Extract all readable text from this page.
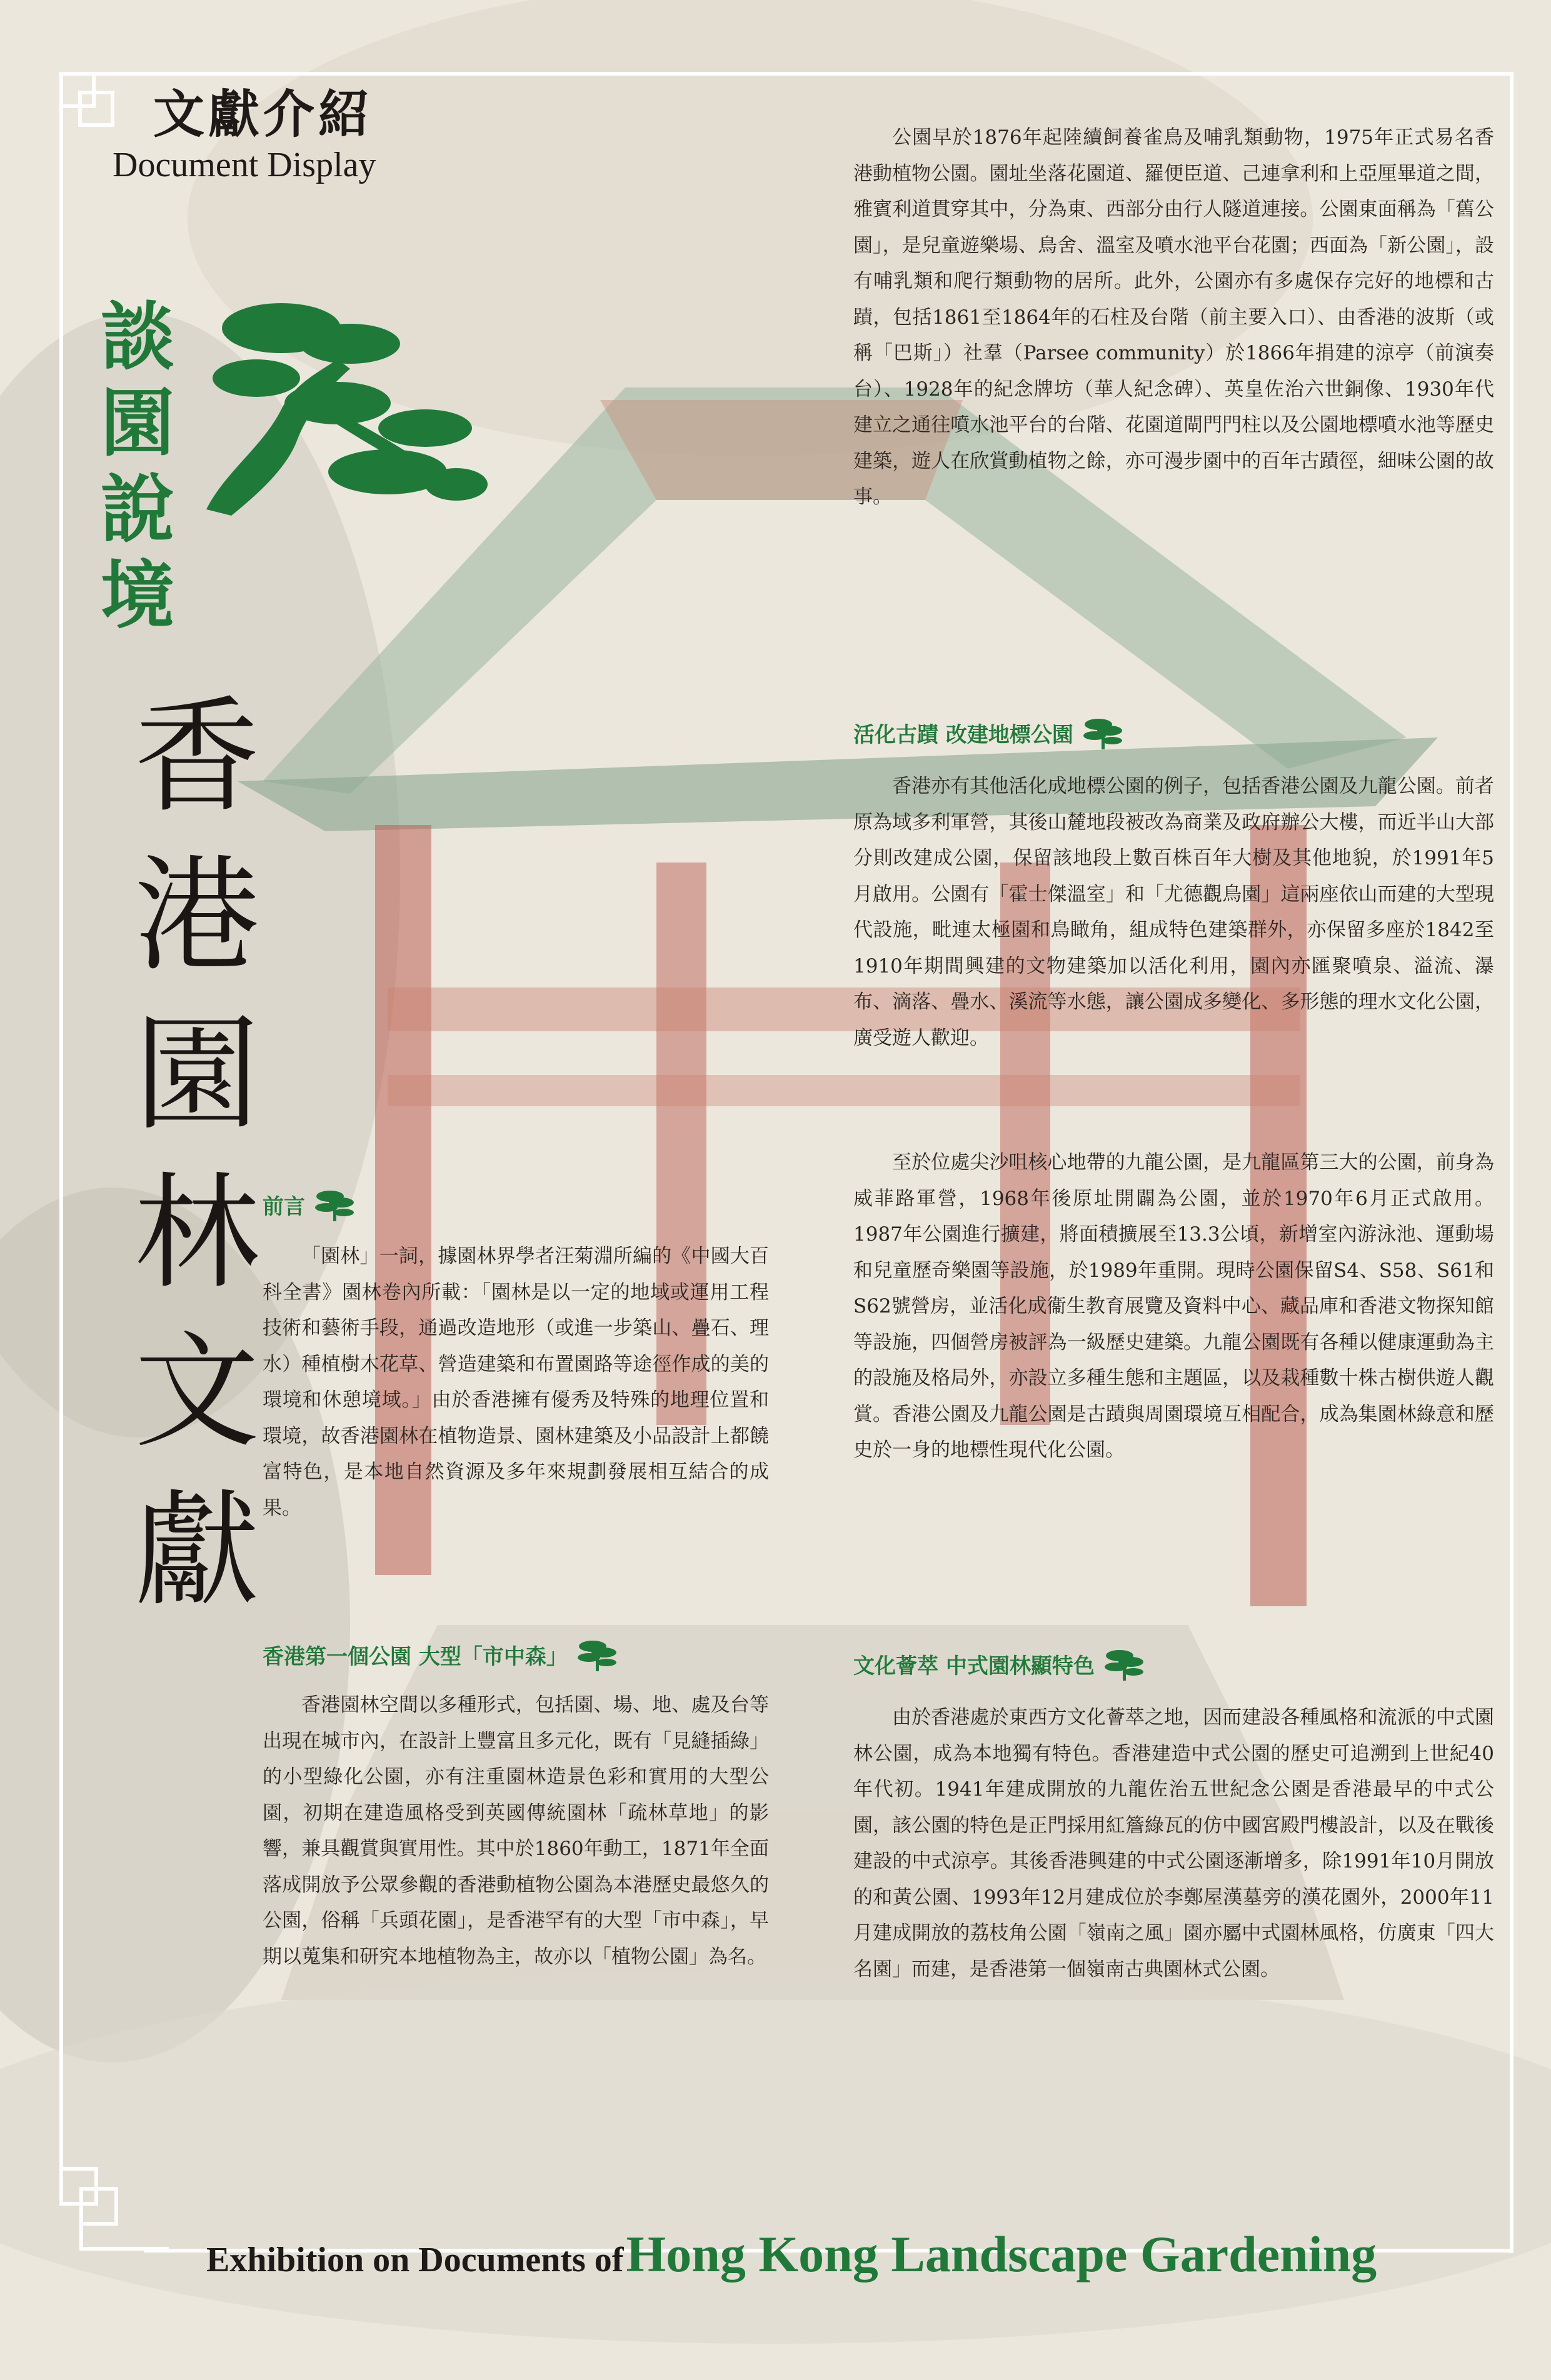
文獻介紹
Document Display
談園說境
香港園林文獻
前言

「園林」一詞，據園林界學者汪菊淵所編的《中國大百科全書》園林卷內所載：「園林是以一定的地域或運用工程技術和藝術手段，通過改造地形（或進一步築山、疊石、理水）種植樹木花草、營造建築和布置園路等途徑作成的美的環境和休憩境域。」由於香港擁有優秀及特殊的地理位置和環境，故香港園林在植物造景、園林建築及小品設計上都饒富特色，是本地自然資源及多年來規劃發展相互結合的成果。

香港第一個公園 大型「市中森」

香港園林空間以多種形式，包括園、場、地、處及台等出現在城市內，在設計上豐富且多元化，既有「見縫插綠」的小型綠化公園，亦有注重園林造景色彩和實用的大型公園，初期在建造風格受到英國傳統園林「疏林草地」的影響，兼具觀賞與實用性。其中於1860年動工，1871年全面落成開放予公眾參觀的香港動植物公園為本港歷史最悠久的公園，俗稱「兵頭花園」，是香港罕有的大型「市中森」，早期以蒐集和研究本地植物為主，故亦以「植物公園」為名。

公園早於1876年起陸續飼養雀鳥及哺乳類動物，1975年正式易名香港動植物公園。園址坐落花園道、羅便臣道、己連拿利和上亞厘畢道之間，雅賓利道貫穿其中，分為東、西部分由行人隧道連接。公園東面稱為「舊公園」，是兒童遊樂場、鳥舍、溫室及噴水池平台花園；西面為「新公園」，設有哺乳類和爬行類動物的居所。此外，公園亦有多處保存完好的地標和古蹟，包括1861至1864年的石柱及台階（前主要入口）、由香港的波斯（或稱「巴斯」）社羣（Parsee community）於1866年捐建的涼亭（前演奏台）、1928年的紀念牌坊（華人紀念碑）、英皇佐治六世銅像、1930年代建立之通往噴水池平台的台階、花園道閘門門柱以及公園地標噴水池等歷史建築，遊人在欣賞動植物之餘，亦可漫步園中的百年古蹟徑，細味公園的故事。

活化古蹟 改建地標公園

香港亦有其他活化成地標公園的例子，包括香港公園及九龍公園。前者原為域多利軍營，其後山麓地段被改為商業及政府辦公大樓，而近半山大部分則改建成公園，保留該地段上數百株百年大樹及其他地貌，於1991年5月啟用。公園有「霍士傑溫室」和「尤德觀鳥園」這兩座依山而建的大型現代設施，毗連太極園和鳥瞰角，組成特色建築群外，亦保留多座於1842至1910年期間興建的文物建築加以活化利用，園內亦匯聚噴泉、溢流、瀑布、滴落、疊水、溪流等水態，讓公園成多變化、多形態的理水文化公園，廣受遊人歡迎。

至於位處尖沙咀核心地帶的九龍公園，是九龍區第三大的公園，前身為威菲路軍營，1968年後原址開闢為公園，並於1970年6月正式啟用。1987年公園進行擴建，將面積擴展至13.3公頃，新增室內游泳池、運動場和兒童歷奇樂園等設施，於1989年重開。現時公園保留S4、S58、S61和S62號營房，並活化成衞生教育展覽及資料中心、藏品庫和香港文物探知館等設施，四個營房被評為一級歷史建築。九龍公園既有各種以健康運動為主的設施及格局外，亦設立多種生態和主題區，以及栽種數十株古樹供遊人觀賞。香港公園及九龍公園是古蹟與周園環境互相配合，成為集園林綠意和歷史於一身的地標性現代化公園。

文化薈萃 中式園林顯特色

由於香港處於東西方文化薈萃之地，因而建設各種風格和流派的中式園林公園，成為本地獨有特色。香港建造中式公園的歷史可追溯到上世紀40 年代初。1941年建成開放的九龍佐治五世紀念公園是香港最早的中式公園，該公園的特色是正門採用紅簷綠瓦的仿中國宮殿門樓設計，以及在戰後建設的中式涼亭。其後香港興建的中式公園逐漸增多，除1991年10月開放的和黃公園、1993年12月建成位於李鄭屋漢墓旁的漢花園外，2000年11月建成開放的荔枝角公園「嶺南之風」園亦屬中式園林風格，仿廣東「四大名園」而建，是香港第一個嶺南古典園林式公園。

Exhibition on Documents of Hong Kong Landscape Gardening
